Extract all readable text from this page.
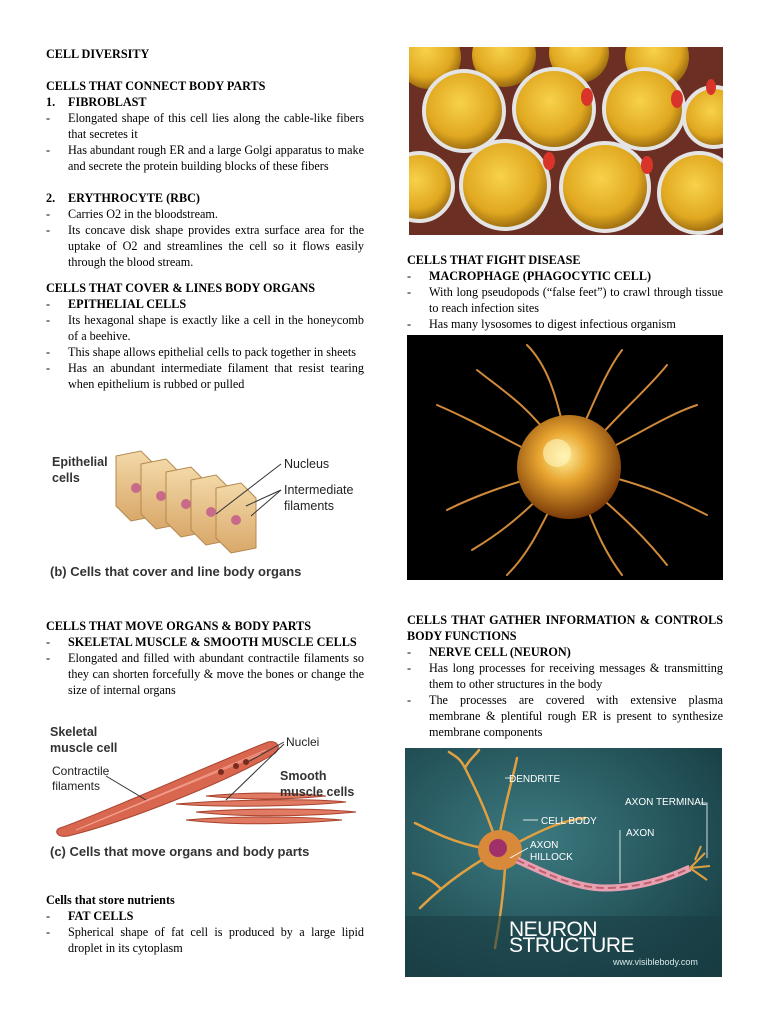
CELL DIVERSITY
CELLS THAT CONNECT BODY PARTS
1.	FIBROBLAST
-	Elongated shape of this cell lies along the cable-like fibers that secretes it
-	Has abundant rough ER and a large Golgi apparatus to make and secrete the protein building blocks of these fibers
2.	ERYTHROCYTE (RBC)
-	Carries O2 in the bloodstream.
-	Its concave disk shape provides extra surface area for the uptake of O2 and streamlines the cell so it flows easily through the blood stream.
CELLS THAT COVER & LINES BODY ORGANS
-	EPITHELIAL CELLS
-	Its hexagonal shape is exactly like a cell in the honeycomb of a beehive.
-	This shape allows epithelial cells to pack together in sheets
-	Has an abundant intermediate filament that resist tearing when epithelium is rubbed or pulled
Epithelial
cells
Nucleus
Intermediate
filaments
(b) Cells that cover and line body organs
CELLS THAT MOVE ORGANS & BODY PARTS
-	SKELETAL MUSCLE & SMOOTH MUSCLE CELLS
-	Elongated and filled with abundant contractile filaments so they can shorten forcefully & move the bones or change the size of internal organs
Skeletal
muscle cell	Nuclei
Contractile
filaments
Smooth
muscle cells
(c) Cells that move organs and body parts
Cells that store nutrients
-	FAT CELLS
-	Spherical shape of fat cell is produced by a large lipid droplet in its cytoplasm
CELLS THAT FIGHT DISEASE
-	MACROPHAGE (PHAGOCYTIC CELL)
-	With long pseudopods (“false feet”) to crawl through tissue to reach infection sites
-	Has many lysosomes to digest infectious organism
CELLS THAT GATHER INFORMATION & CONTROLS BODY FUNCTIONS
-	NERVE CELL (NEURON)
-	Has long processes for receiving messages & transmitting them to other structures in the body
-	The processes are covered with extensive plasma membrane & plentiful rough ER is present to synthesize membrane components
DENDRITE
CELL BODY
AXON
HILLOCK
AXON
AXON TERMINAL
NEURON STRUCTURE
www.visiblebody.com
